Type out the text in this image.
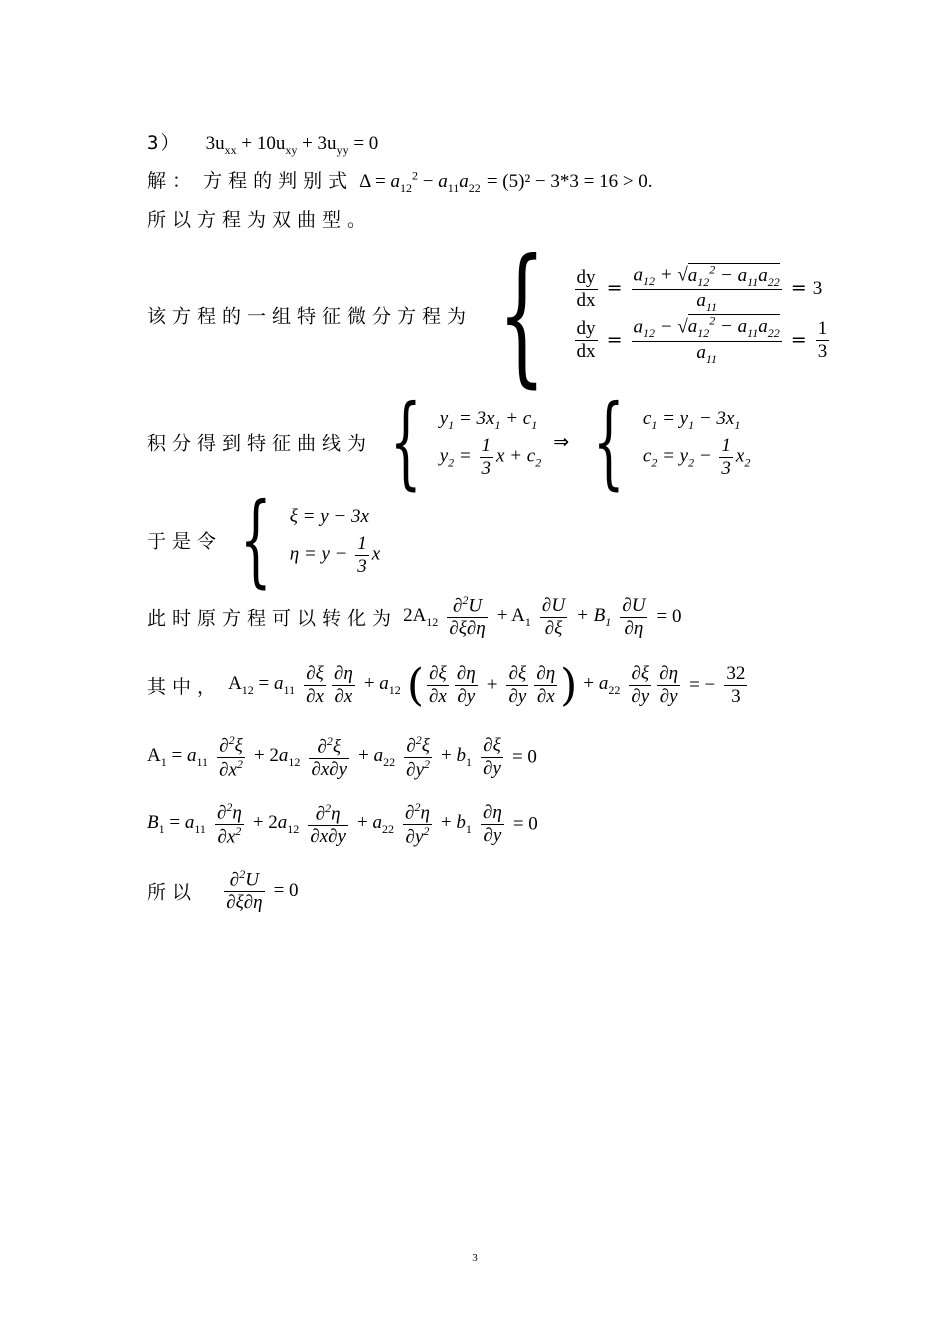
3） $3u_{xx} + 10u_{xy} + 3u_{yy} = 0$
解： 方程的判别式 $\Delta = a_{12}^2 - a_{11}a_{22} = (5)^2 - 3*3 = 16 > 0$.
所以方程为双曲型。
该方程的一组特征微分方程为 { $\frac{dy}{dx} = \frac{a_{12} + √a_{12}^2 - a_{11}a_{22}}{a_{11}} = 3$
$\frac{dy}{dx} = \frac{a_{12} - √a_{12}^2 - a_{11}a_{22}}{a_{11}} = \frac{1}{3}$
积分得到特征曲线为 { $y_1 = 3x_1 + c_1$
$y_2 = \frac{1}{3}$ $x + c_2$
⇒ { $c_1 = y_1 - 3x_1$
$c_2 = y_2 - \frac{1}{3} x_2$
于是令 { ξ = y − 3x
$\eta = y - \frac{1}{3}$ x
此时原方程可以转化为 $2A_{12} \frac{\partial^2U}{\partial\xi\partial\eta} + A_1 \frac{\partial U}{\partial\xi} + B_1 \frac{\partial U}{\partial\eta} = 0$
其中， $A_{12} = a_{11} \frac{\partial\xi}{\partial x} \frac{\partial\eta}{\partial x} + a_{12}$ ( $\frac{\partial\xi}{\partial x} \frac{\partial\eta}{\partial y} + \frac{\partial\xi}{\partial y} \frac{\partial\eta}{\partial x}$ ) + $a_{22} \frac{\partial\xi}{\partial y} \frac{\partial\eta}{\partial y}$ = − $\frac{32}{3}$
$A_1 = a_{11} \frac{\partial^2\xi}{\partial x^2} + 2a_{12} \frac{\partial^2\xi}{\partial x\partial y} + a_{22} \frac{\partial^2\xi}{\partial y^2} + b_1 \frac{\partial\xi}{\partial y} = 0$
$B_1 = a_{11} \frac{\partial^2\eta}{\partial x^2} + 2a_{12} \frac{\partial^2\eta}{\partial x\partial y} + a_{22} \frac{\partial^2\eta}{\partial y^2} + b_1 \frac{\partial\eta}{\partial y} = 0$
所以 $\frac{\partial^2U}{\partial\xi\partial\eta} = 0$
3
